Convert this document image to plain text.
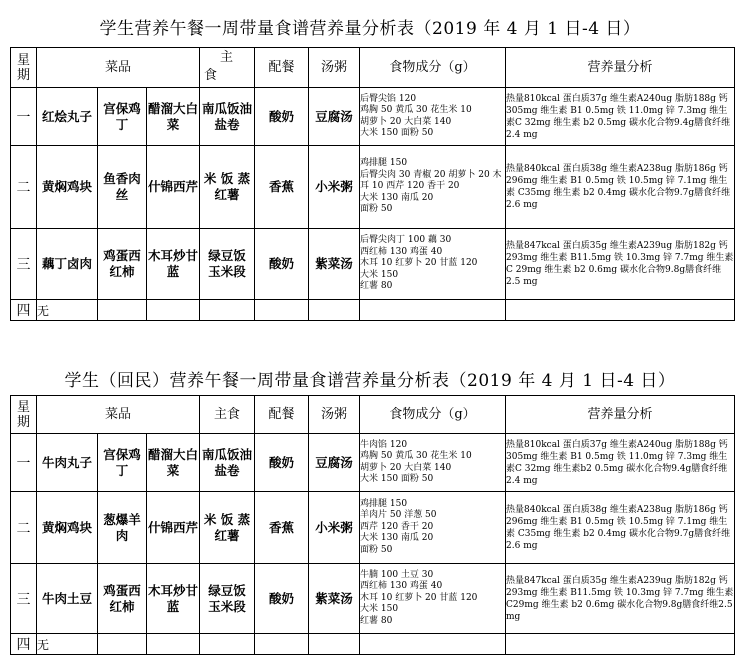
学生营养午餐一周带量食谱营养量分析表（2019 年 4 月 1 日-4 日）
星
期	菜品			主
食	配餐	汤粥	食物成分（g）	营养量分析
一	红烩丸子	宫保鸡丁	醋溜大白菜	南瓜饭油盐卷	酸奶	豆腐汤	后臀尖馅 120
鸡胸 50 黄瓜 30 花生米 10
胡萝卜 20 大白菜 140
大米 150 面粉 50	热量810kcal 蛋白质37g 维生素A240ug 脂肪188g 钙 305mg 维生素 B1 0.5mg 铁 11.0mg 锌 7.3mg 维生素C 32mg 维生素 b2 0.5mg 碳水化合物9.4g膳食纤维2.4 mg
二	黄焖鸡块	鱼香肉丝	什锦西芹	米 饭 蒸红薯	香蕉	小米粥	鸡排腿 150
后臀尖肉 30 青椒 20 胡萝卜 20 木耳 10 西芹 120 香干 20
大米 130 南瓜 20
面粉 50	热量840kcal 蛋白质38g 维生素A238ug 脂肪186g 钙 296mg 维生素 B1 0.5mg 铁 10.5mg 锌 7.1mg 维生素 C35mg 维生素 b2 0.4mg 碳水化合物9.7g膳食纤维2.6 mg
三	藕丁卤肉	鸡蛋西红柿	木耳炒甘蓝	绿豆饭 玉米段	酸奶	紫菜汤	后臀尖肉丁 100 藕 30
西红柿 130 鸡蛋 40
木耳 10 红萝卜 20 甘蓝 120
大米 150
红薯 80	热量847kcal 蛋白质35g 维生素A239ug 脂肪182g 钙 293mg 维生素 B11.5mg 铁 10.3mg 锌 7.7mg 维生素 C 29mg 维生素 b2 0.6mg 碳水化合物9.8g膳食纤维2.5 mg
四	无							
学生（回民）营养午餐一周带量食谱营养量分析表（2019 年 4 月 1 日-4 日）
星
期	菜品			主食	配餐	汤粥	食物成分（g）	营养量分析
一	牛肉丸子	宫保鸡丁	醋溜大白菜	南瓜饭油盐卷	酸奶	豆腐汤	牛肉馅 120
鸡胸 50 黄瓜 30 花生米 10
胡萝卜 20 大白菜 140
大米 150 面粉 50	热量810kcal 蛋白质37g 维生素A240ug 脂肪188g 钙 305mg 维生素 B1 0.5mg 铁 11.0mg 锌 7.3mg 维生素C 32mg 维生素b2 0.5mg 碳水化合物9.4g膳食纤维2.4 mg
二	黄焖鸡块	葱爆羊肉	什锦西芹	米 饭 蒸红薯	香蕉	小米粥	鸡排腿 150
羊肉片 50 洋葱 50
西芹 120 香干 20
大米 130 南瓜 20
面粉 50	热量840kcal 蛋白质38g 维生素A238ug 脂肪186g 钙 296mg 维生素 B1 0.5mg 铁 10.5mg 锌 7.1mg 维生素 C35mg 维生素 b2 0.4mg 碳水化合物9.7g膳食纤维2.6 mg
三	牛肉土豆	鸡蛋西红柿	木耳炒甘蓝	绿豆饭 玉米段	酸奶	紫菜汤	牛腩 100 土豆 30
西红柿 130 鸡蛋 40
木耳 10 红萝卜 20 甘蓝 120
大米 150
红薯 80	热量847kcal 蛋白质35g 维生素A239ug 脂肪182g 钙 293mg 维生素 B11.5mg 铁 10.3mg 锌 7.7mg 维生素 C29mg 维生素 b2 0.6mg 碳水化合物9.8g膳食纤维2.5 mg
四	无							
